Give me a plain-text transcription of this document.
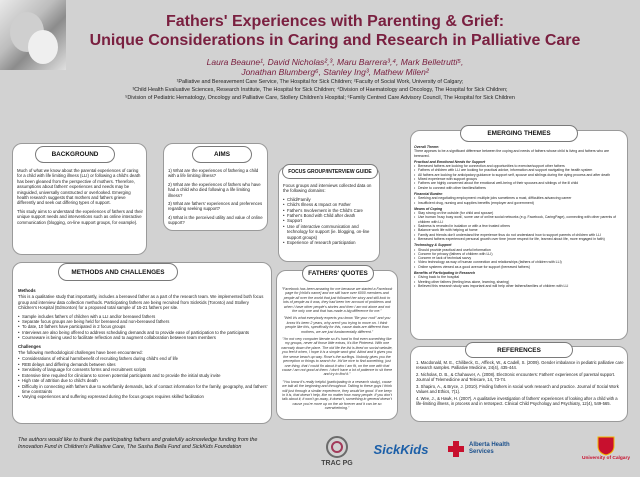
Fathers' Experiences with Parenting & Grief:
Unique Considerations in Caring and Research in Palliative Care
Laura Beaune¹, David Nicholas²,³, Maru Barrera³,⁴, Mark Belletrutti⁵,
Jonathan Blumberg⁶, Stanley Ing³, Mathew Milen²
¹Palliative and Bereavement Care Service, The Hospital for Sick Children; ²Faculty of Social Work, University of Calgary;
³Child Health Evaluative Sciences, Research Institute, The Hospital for Sick Children; ⁴Division of Haematology and Oncology, The Hospital for Sick Children;
⁵Division of Pediatric Hematology, Oncology and Palliative Care, Stollery Children's Hospital; ⁶Family Centred Care Advisory Council, The Hospital for Sick Children
BACKGROUND

Much of what we know about the parental experiences of caring for a child with life limiting illness (LLI) or following a child's death has been gleaned from the perspective of mothers. Therefore, assumptions about fathers' experiences and needs may be misguided, universally constructed or overlooked. Emerging health research suggests that mothers and fathers grieve differently and seek out differing types of support.

This study aims to understand the experiences of fathers and their unique support needs and interventions such as online interactive communication (blogging, on-line support groups, for example).

AIMS

1) What are the experiences of fathering a child with a life limiting illness?

2) What are the experiences of fathers who have had a child who died following a life limiting illness?

3) What are fathers' experiences and preferences regarding seeking support?

4) What is the perceived utility and value of online support?

FOCUS GROUP/INTERVIEW GUIDE

Focus groups and interviews collected data on the following domains:

• Child/Family
• Child's Illness & Impact on Father
• Father's Involvement in the Child's Care
• Father's Bond with Child after death
• Support
• Use of interactive communication and technology for support (ie. blogging, on-line support groups)
• Experience of research participation
METHODS AND CHALLENGES

Methods

This is a qualitative study that importantly, includes a bereaved father as a part of the research team. We implemented both focus group and interview data collection methods. Participating fathers are being recruited from SickKids (Toronto) and Stollery Children's Hospital (Edmonton) for a proposed total sample of 15-21 fathers per site.

• Sample includes fathers of children with a LLI and/or bereaved fathers
• Separate focus groups are being held for bereaved and non-bereaved fathers
• To date, 10 fathers have participated in 2 focus groups
• Interviews are also being offered to address scheduling demands and to provide ease of participation to the participants
• Courseware is being used to facilitate reflection and to augment collaboration between team members

Challenges

The following methodological challenges have been encountered:

• Considerations of ethical harm/benefit of recruiting fathers during child's end of life
• REB delays and differing demands between sites
• Sensitivity of language for consents forms and recruitment scripts
• Extensive time required for clinicians to screen potential participants and to provide the initial study invite
• High rate of attrition due to child's death
• Difficulty in connecting with fathers due to work/family demands, lack of contact information for the family, geography, and fathers' time constraints
• Varying experiences and suffering expressed during the focus groups requires skilled facilitation
FATHERS' QUOTES

"Facebook has been amazing for me because we started a Facebook page for [child's name] and we still have over 6000 members and people all over the world that just followed her story and still look to lots of people as it was, they had been her account of problems and when I have other people's stories and then I am not alone and not the only one and that has made a big difference for me."

"Well it's what everybody expects you know "Be your rock" and you know it's been 2 years, why aren't you trying to move on. I think people like this, specifically for this, cause dads are different than mothers, we are just fundamentally different."

"I'm not very computer literate so it's hard to find even something like my groups, never all those little extras, it's like Pinterest. With one narrowly down the place. The old life the list is lined on social website, you feel it when, I hope it is a simple work gird. Akind and it gives you the sense beach up way. Rose's the surfings. Nobody gives you the perception or things to search for. It'd be nice to find something, just one thing, that I could fin about it who I am fit, on the one with that cause I am not good at them. I don't have a lot of patience to sit there and try to find it."

"You know it's really helpful (participating in a research study), cause we talk all the beginning and throughout. Talking to these guys I think will just through a similar experience, they would be good. If we keep in it is, that doesn't help, like no matter how many people. If you don't talk about it, it won't go away, it doesn't, something in general doesn't cause you're more up on the air forever and it can be so overwhelming."

EMERGING THEMES

Overall Theme:

There appears to be a significant difference between the coping and needs of fathers whose child is living and fathers who are bereaved.

Practical and Emotional Needs for Support

• Bereaved fathers are looking for connection and opportunities to exercise/support other fathers
• Fathers of children with LLI are looking for practical advice, information and support navigating the health system
• All fathers are looking for anticipatory guidance to support self, spouse and siblings during the dying process and after death
• Mixed experience with support groups
• Fathers are highly concerned about the emotional well-being of their spouses and siblings of the ill child
• Desire to connect with other families/fathers

Financial Burden

• Seeking and negotiating employment: multiple jobs sometimes a must, difficulties advancing career
• Insufficient drug, nursing and supplies benefits (employer and government)

Means of Coping

• Stay strong on the outside (for child and spouse)
• Use human 'busy busy work', some use of online social networks (e.g. Facebook, CaringPage), connecting with other parents of children with LLI
• Sadness is revealed in isolation or with a few trusted others
• Balance work life with helping at home
• Family and friends don't understand the experience thus do not understand how to support parents of children with LLI
• Bereaved fathers experienced personal growth over time (more respect for life, learned about life, more engaged in faith)

Technology & Support

• Should provide practical and useful information
• Concern for privacy (fathers of children with LLI)
• Concern re lack of technical savvy
• Video technology as way of human connection and relationships (fathers of children with LLI)
• Online systems viewed as a good avenue for support (bereaved fathers)

Benefits of Participating in Research

• Giving back to the hospital
• Meeting other fathers (feeling less alone, learning, sharing)
• Believed this research study was important and will help other fathers/families of children with LLI
REFERENCES

1. Macdonald, M. E., Chilibeck, G., Affleck, W., & Cadell, S. (2009). Gender imbalance in pediatric palliative care research samples. Palliative Medicine, 24(4), 435-444.

2. Nicholas, D. B., & Chahauver, A. (2008). Electronic encounters: Fathers' experiences of parental support. Journal of Telemedicine and Telecare, 14, 73-74.

3. Shapiro, A., & Bryce, J. (2010). Finding fathers in social work research and practice. Journal of Social Work Values and Ethics, 7(1).

4. Wee, J., & Hawk, H. (2007). A qualitative investigation of fathers' experiences of looking after a child with a life-limiting illness, in process and in retrospect. Clinical Child Psychology and Psychiatry, 12(4), 549-565.

The authors would like to thank the participating fathers and gratefully acknowledge funding from the Innovation Fund in Children's Palliative Care, The Sasha Bella Fund and SickKids Foundation
TRAC PG
SickKids	Alberta Health Services
University of Calgary
